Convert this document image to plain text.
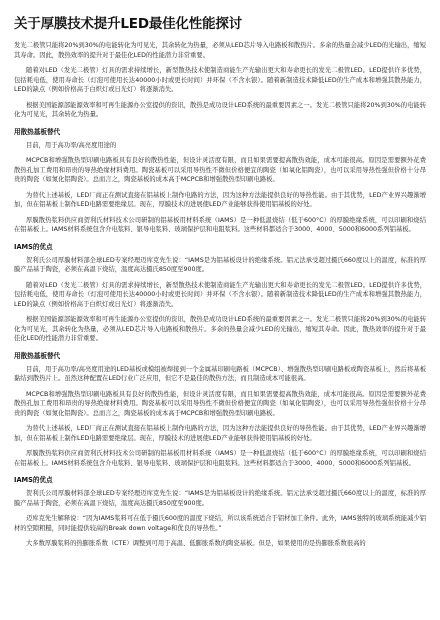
关于厚膜技术提升LED最佳化性能探讨

发光二极管只能将20%到30%的电能转化为可见光，其余转化为热量，必须从LED芯片导入电路板和散热片。多余的热量会减少LED的光输出，缩短其寿命。因此，散热效率的提升对于最佳化LED的性能潜力非常重要。

随着对LED（发光二极管）灯具的需求持续增长，新型散热技术使制造商能生产光输出更大和寿命更长的发光二极管LED。LED提供许多优势，包括耗电低，使用寿命长（灯泡可使用长达40000小时或更长时间）并环保（不含水银）。随着新制造技术降低LED的生产成本和增强其散热能力，LED的缺点（例如价格高于白炽灯或日光灯）将逐渐消失。

根据美国能源部能源效率和可再生能源办公室提供的资讯，散热是成功设计LED系统的最重要因素之一。发光二极管只能将20%到30%的电能转化为可见光，其余转化为热量。

用散热基板替代

目前，用于高功率/高亮度用途的

MCPCB和增强散热型印刷电路板具有良好的散热性能，但设计灵活度有限，而且如果需要提高散热效能，成本可能很高。原因是需要额外花费散热孔加工费用和昂贵的导热绝缘材料费用。陶瓷基板可以采用导热性不微但价格便宜的陶瓷（如氧化铝陶瓷），也可以采用导热性强但价格十分昂贵的陶瓷（如氮化铝陶瓷）。总而言之，陶瓷基板的成本高于MCPCB和增强散热型印刷电路板。

为替代上述基板，LED厂商正在测试直接在铝基板上制作电路的方法，因为这种方法能提供良好的导热性能。由于其优势，LED产业界兴趣渐增加，但在铝基板上制作LED电路需要绝缘层。现在，厚膜技术的进展使LED产业能够获得使用铝基板的好处。

厚膜散热浆料供应商贺利氏材料技术公司研制的铝基板用材料系统（IAMS）是一种低温烧结（低于600°C）的厚膜绝缘系统，可以印刷和烧结在铝基板上。IAMS材料系统包含介电浆料、银导电浆料、玻璃保护层和电阻浆料。这些材料都适合于3000、4000、5000和6000系列铝基板。

IAMS的优点

贺利氏公司厚膜材料部全球LED专案经理迈库克先生说：“IAMS是为铝基板设计的绝缘系统。铝元法承受超过摄氏660度以上的温度，标准的厚膜产品基于陶瓷，必须在高温下烧结，温度高达摄氏850度至900度。

随着对LED（发光二极管）灯具的需求持续增长，新型散热技术使制造商能生产光输出更大和寿命更长的发光二极管LED。LED提供许多优势，包括耗电低，使用寿命长（灯泡可使用长达40000小时或更长时间）并环保（不含水银）。随着新制造技术降低LED的生产成本和增强其散热能力，LED的缺点（例如价格高于白炽灯或日光灯）将逐渐消失。

根据美国能源部能源效率和可再生能源办公室提供的资讯，散热是成功设计LED系统的最重要因素之一。发光二极管只能将20%到30%的电能转化为可见光，其余转化为热量，必须从LED芯片导入电路板和散热片。多余的热量会减少LED的光输出，缩短其寿命。因此，散热效率的提升对于最佳化LED的性能潜力非常重要。

用散热基板替代

目前，用于高功率/高亮度用途的LED基板或模组被焊接到一个金属基印刷电路板（MCPCB）、增强散热型印刷电路板或陶瓷基板上，然后将基板黏结到散热片上。虽然这种配置在LED行业广泛应用，但它不是最佳的散热方法，而且制造成本可能很高。

MCPCB和增强散热型印刷电路板具有良好的散热性能，但设计灵活度有限，而且如果需要提高散热效能，成本可能很高。原因是需要额外花费散热孔加工费用和昂贵的导热绝缘材料费用。陶瓷基板可以采用导热性不微但价格便宜的陶瓷（如氧化铝陶瓷），也可以采用导热性强但价格十分昂贵的陶瓷（如氮化铝陶瓷）。总而言之，陶瓷基板的成本高于MCPCB和增强散热型印刷电路板。

为替代上述基板，LED厂商正在测试直接在铝基板上制作电路的方法，因为这种方法能提供良好的导热性能。由于其优势，LED产业界兴趣渐增加，但在铝基板上制作LED电路需要绝缘层。现在，厚膜技术的进展使LED产业能够获得使用铝基板的好处。

厚膜散热浆料供应商贺利氏材料技术公司研制的铝基板用材料系统（IAMS）是一种低温烧结（低于600°C）的厚膜绝缘系统，可以印刷和烧结在铝基板上。IAMS材料系统包含介电浆料、银导电浆料、玻璃保护层和电阻浆料。这些材料都适合于3000、4000、5000和6000系列铝基板。

IAMS的优点

贺利氏公司厚膜材料部全球LED专案经理迈库克先生说：“IAMS是为铝基板设计的绝缘系统。铝元法承受超过摄氏660度以上的温度，标准的厚膜产品基于陶瓷，必须在高温下烧结，温度高达摄氏850度至900度。

迈库克先生解释说：“因为IAMS浆料可在低于摄氏600度的温度下烧结，所以该系统适合于铝材加工条件。此外，IAMS独特的玻璃系统能减少铝材的空隙粗糙，同时能提供较高的Break down voltage和优良的导热性。”

大多数厚膜浆料的热膨胀系数（CTE）调整到可用于高温、低膨胀系数的陶瓷基板。但是，如果使用的是热膨胀系数很高的
